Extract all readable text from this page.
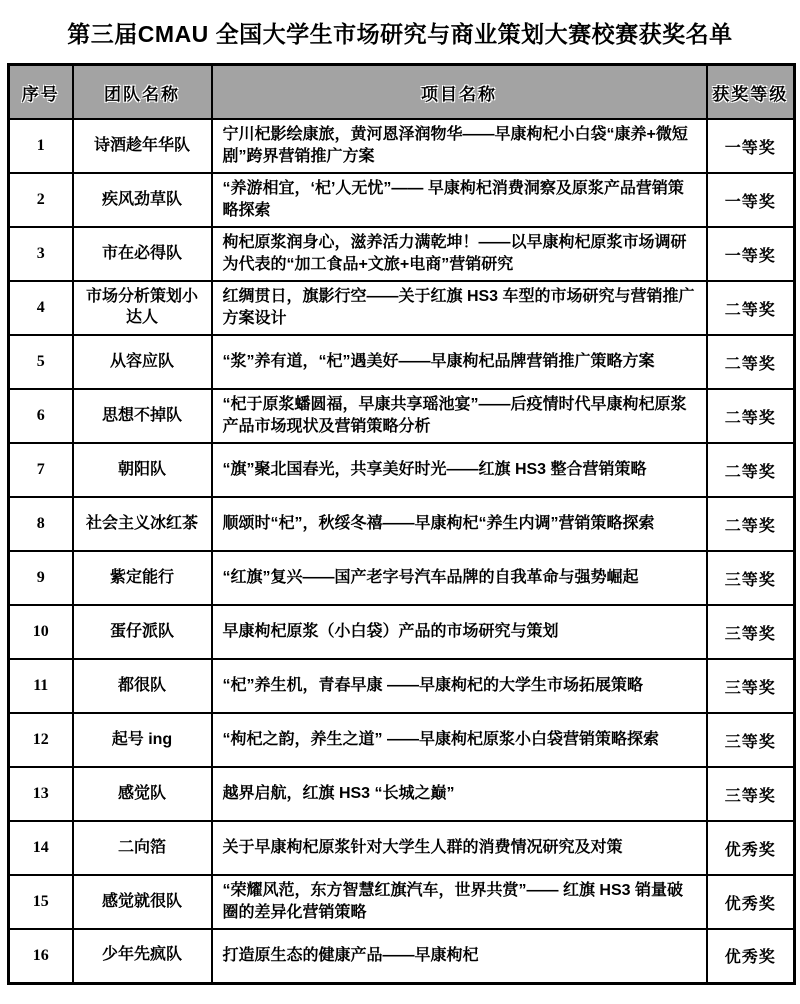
第三届CMAU 全国大学生市场研究与商业策划大赛校赛获奖名单
序号	团队名称	项目名称	获奖等级
1	诗酒趁年华队	宁川杞影绘康旅，黄河恩泽润物华——早康枸杞小白袋“康养+微短剧”跨界营销推广方案	一等奖
2	疾风劲草队	“养游相宜，‘杞’人无忧”—— 早康枸杞消费洞察及原浆产品营销策略探索	一等奖
3	市在必得队	枸杞原浆润身心，滋养活力满乾坤！——以早康枸杞原浆市场调研为代表的“加工食品+文旅+电商”营销研究	一等奖
4	市场分析策划小达人	红绸贯日，旗影行空——关于红旗 HS3 车型的市场研究与营销推广方案设计	二等奖
5	从容应队	“浆”养有道，“杞”遇美好——早康枸杞品牌营销推广策略方案	二等奖
6	思想不掉队	“杞于原浆蟠圆福，早康共享瑶池宴”——后疫情时代早康枸杞原浆产品市场现状及营销策略分析	二等奖
7	朝阳队	“旗”聚北国春光，共享美好时光——红旗 HS3 整合营销策略	二等奖
8	社会主义冰红茶	顺颂时“杞”，秋绥冬禧——早康枸杞“养生内调”营销策略探索	二等奖
9	紫定能行	“红旗”复兴——国产老字号汽车品牌的自我革命与强势崛起	三等奖
10	蛋仔派队	早康枸杞原浆（小白袋）产品的市场研究与策划	三等奖
11	都很队	“杞”养生机，青春早康 ——早康枸杞的大学生市场拓展策略	三等奖
12	起号 ing	“枸杞之韵，养生之道” ——早康枸杞原浆小白袋营销策略探索	三等奖
13	感觉队	越界启航，红旗 HS3 “长城之巅”	三等奖
14	二向箔	关于早康枸杞原浆针对大学生人群的消费情况研究及对策	优秀奖
15	感觉就很队	“荣耀风范，东方智慧红旗汽车，世界共赏”—— 红旗 HS3 销量破圈的差异化营销策略	优秀奖
16	少年先疯队	打造原生态的健康产品——早康枸杞	优秀奖
